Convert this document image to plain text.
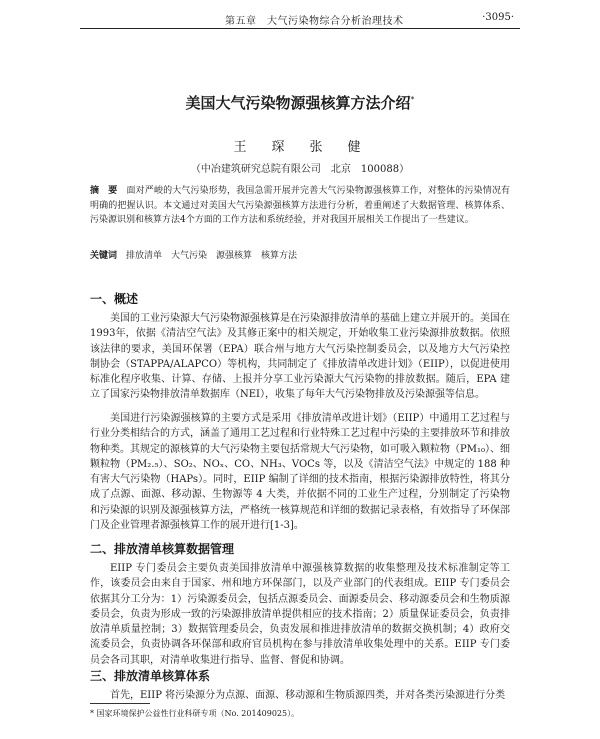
第五章　大气污染物综合分析治理技术	·3095·
美国大气污染物源强核算方法介绍*
王　琛　张　健
（中冶建筑研究总院有限公司　北京　100088）
摘　要　 面对严峻的大气污染形势，我国急需开展并完善大气污染物源强核算工作，对整体的污染情况有明确的把握认识。本文通过对美国大气污染源强核算方法进行分析，着重阐述了大数据管理、核算体系、污染源识别和核算方法4个方面的工作方法和系统经验，并对我国开展相关工作提出了一些建议。
关键词　 排放清单　大气污染　源强核算　核算方法
一、概述
美国的工业污染源大气污染物源强核算是在污染源排放清单的基础上建立并展开的。美国在1993年，依据《清洁空气法》及其修正案中的相关规定，开始收集工业污染源排放数据。依照该法律的要求，美国环保署（EPA）联合州与地方大气污染控制委员会，以及地方大气污染控制协会（STAPPA/ALAPCO）等机构，共同制定了《排放清单改进计划》（EIIP），以促进使用标准化程序收集、计算、存储、上报并分享工业污染源大气污染物的排放数据。随后，EPA 建立了国家污染物排放清单数据库（NEI），收集了每年大气污染物排放及污染源强等信息。
美国进行污染源强核算的主要方式是采用《排放清单改进计划》（EIIP）中通用工艺过程与行业分类相结合的方式，涵盖了通用工艺过程和行业特殊工艺过程中污染的主要排放环节和排放物种类。其规定的源核算的大气污染物主要包括常规大气污染物，如可吸入颗粒物（PM₁₀）、细颗粒物（PM₂.₅）、SO₂、NOₓ、CO、NH₃、VOCs 等，以及《清洁空气法》中规定的 188 种有害大气污染物（HAPs）。同时，EIIP 编制了详细的技术指南，根据污染源排放特性，将其分成了点源、面源、移动源、生物源等 4 大类，并依据不同的工业生产过程，分别制定了污染物和污染源的识别及源强核算方法，严格统一核算规范和详细的数据记录表格，有效指导了环保部门及企业管理者源强核算工作的展开进行[1-3]。
二、排放清单核算数据管理
EIIP 专门委员会主要负责美国排放清单中源强核算数据的收集整理及技术标准制定等工作，该委员会由来自于国家、州和地方环保部门，以及产业部门的代表组成。EIIP 专门委员会依据其分工分为：1）污染源委员会，包括点源委员会、面源委员会、移动源委员会和生物质源委员会，负责为形成一致的污染源排放清单提供相应的技术指南；2）质量保证委员会，负责排放清单质量控制；3）数据管理委员会，负责发展和推进排放清单的数据交换机制；4）政府交流委员会，负责协调各环保部和政府官员机构在参与排放清单收集处理中的关系。EIIP 专门委员会各司其职，对清单收集进行指导、监督、督促和协调。
三、排放清单核算体系
首先，EIIP 将污染源分为点源、面源、移动源和生物质源四类，并对各类污染源进行分类
* 国家环境保护公益性行业科研专项（No. 201409025）。
